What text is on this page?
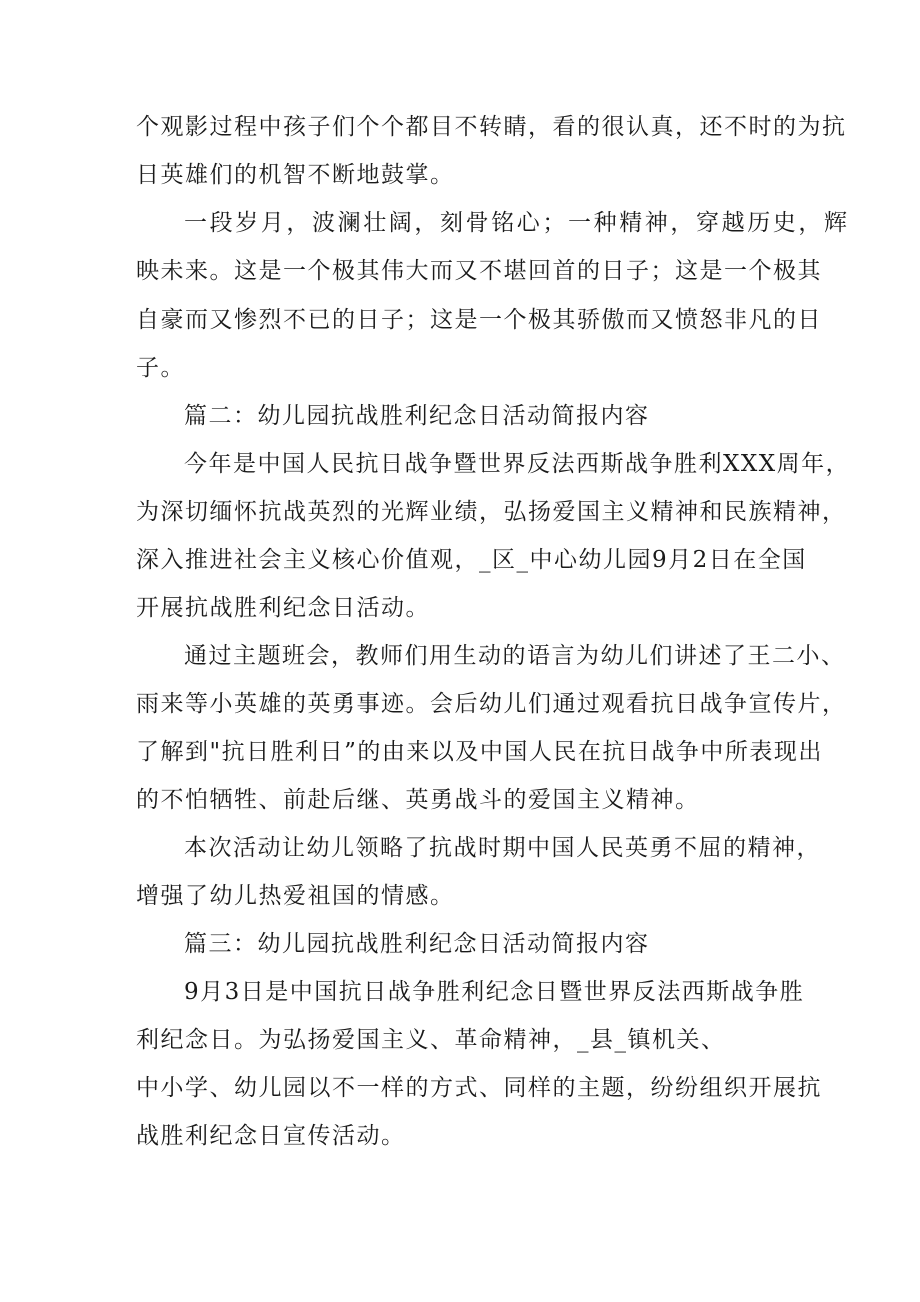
个观影过程中孩子们个个都目不转睛，看的很认真，还不时的为抗
日英雄们的机智不断地鼓掌。
一段岁月，波澜壮阔，刻骨铭心；一种精神，穿越历史，辉
映未来。这是一个极其伟大而又不堪回首的日子；这是一个极其
自豪而又惨烈不已的日子；这是一个极其骄傲而又愤怒非凡的日
子。
篇二：幼儿园抗战胜利纪念日活动简报内容
今年是中国人民抗日战争暨世界反法西斯战争胜利XXX周年，
为深切缅怀抗战英烈的光辉业绩，弘扬爱国主义精神和民族精神，
深入推进社会主义核心价值观，_区_中心幼儿园9月2日在全国
开展抗战胜利纪念日活动。
通过主题班会，教师们用生动的语言为幼儿们讲述了王二小、
雨来等小英雄的英勇事迹。会后幼儿们通过观看抗日战争宣传片，
了解到"抗日胜利日”的由来以及中国人民在抗日战争中所表现出
的不怕牺牲、前赴后继、英勇战斗的爱国主义精神。
本次活动让幼儿领略了抗战时期中国人民英勇不屈的精神，
增强了幼儿热爱祖国的情感。
篇三：幼儿园抗战胜利纪念日活动简报内容
9月3日是中国抗日战争胜利纪念日暨世界反法西斯战争胜
利纪念日。为弘扬爱国主义、革命精神，_县_镇机关、
中小学、幼儿园以不一样的方式、同样的主题，纷纷组织开展抗
战胜利纪念日宣传活动。
